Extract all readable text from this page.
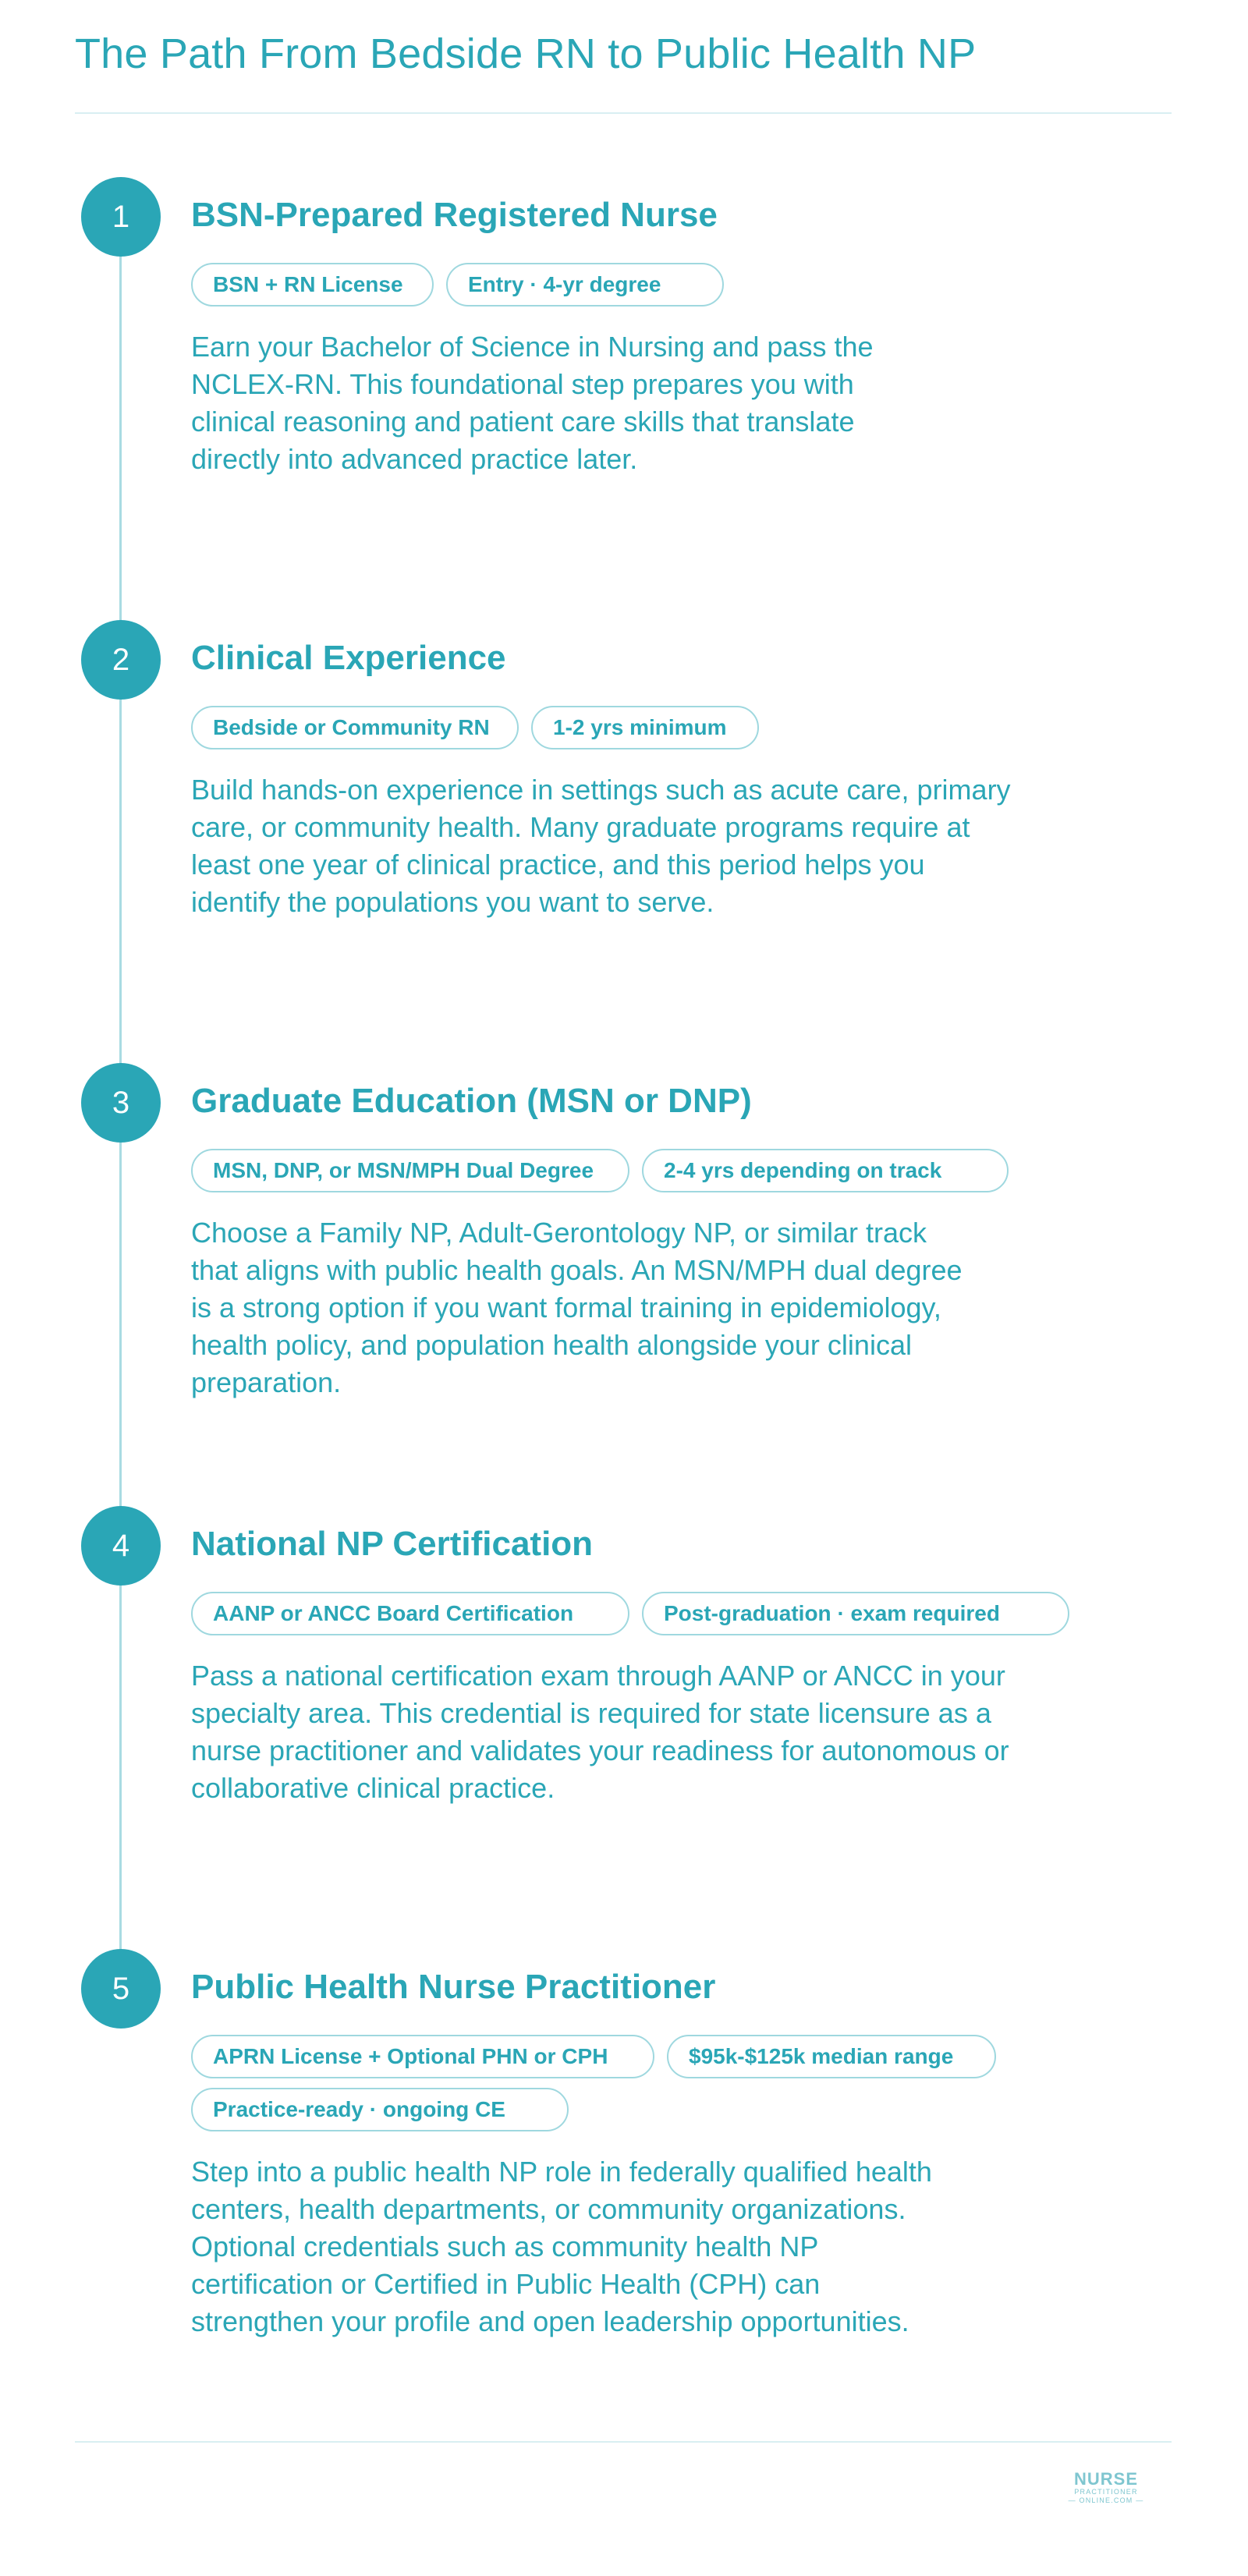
The Path From Bedside RN to Public Health NP
1	BSN-Prepared Registered Nurse
BSN + RN License	Entry · 4-yr degree

Earn your Bachelor of Science in Nursing and pass the NCLEX-RN. This foundational step prepares you with clinical reasoning and patient care skills that translate directly into advanced practice later.

2	Clinical Experience
Bedside or Community RN	1-2 yrs minimum

Build hands-on experience in settings such as acute care, primary care, or community health. Many graduate programs require at least one year of clinical practice, and this period helps you identify the populations you want to serve.

3	Graduate Education (MSN or DNP)
MSN, DNP, or MSN/MPH Dual Degree	2-4 yrs depending on track

Choose a Family NP, Adult-Gerontology NP, or similar track that aligns with public health goals. An MSN/MPH dual degree is a strong option if you want formal training in epidemiology, health policy, and population health alongside your clinical preparation.

4	National NP Certification
AANP or ANCC Board Certification	Post-graduation · exam required

Pass a national certification exam through AANP or ANCC in your specialty area. This credential is required for state licensure as a nurse practitioner and validates your readiness for autonomous or collaborative clinical practice.

5	Public Health Nurse Practitioner
APRN License + Optional PHN or CPH	$95k-$125k median range
Practice-ready · ongoing CE

Step into a public health NP role in federally qualified health centers, health departments, or community organizations. Optional credentials such as community health NP certification or Certified in Public Health (CPH) can strengthen your profile and open leadership opportunities.

NURSE
PRACTITIONER
— ONLINE.COM —
